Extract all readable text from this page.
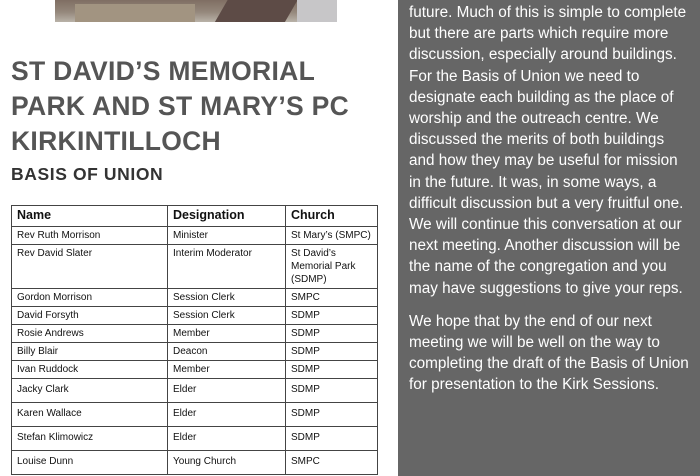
ST DAVID’S MEMORIAL
PARK AND ST MARY’S PC
KIRKINTILLOCH
BASIS OF UNION
Name	Designation	Church
Rev Ruth Morrison	Minister	St Mary’s (SMPC)
Rev David Slater	Interim Moderator	St David’s Memorial Park (SDMP)
Gordon Morrison	Session Clerk	SMPC
David Forsyth	Session Clerk	SDMP
Rosie Andrews	Member	SDMP
Billy Blair	Deacon	SDMP
Ivan Ruddock	Member	SDMP
Jacky Clark	Elder	SDMP
Karen Wallace	Elder	SDMP
Stefan Klimowicz	Elder	SDMP
Louise Dunn	Young Church	SMPC

future. Much of this is simple to complete but there are parts which require more discussion, especially around buildings. For the Basis of Union we need to designate each building as the place of worship and the outreach centre. We discussed the merits of both buildings and how they may be useful for mission in the future. It was, in some ways, a difficult discussion but a very fruitful one. We will continue this conversation at our next meeting. Another discussion will be the name of the congregation and you may have suggestions to give your reps.

We hope that by the end of our next meeting we will be well on the way to completing the draft of the Basis of Union for presentation to the Kirk Sessions.
